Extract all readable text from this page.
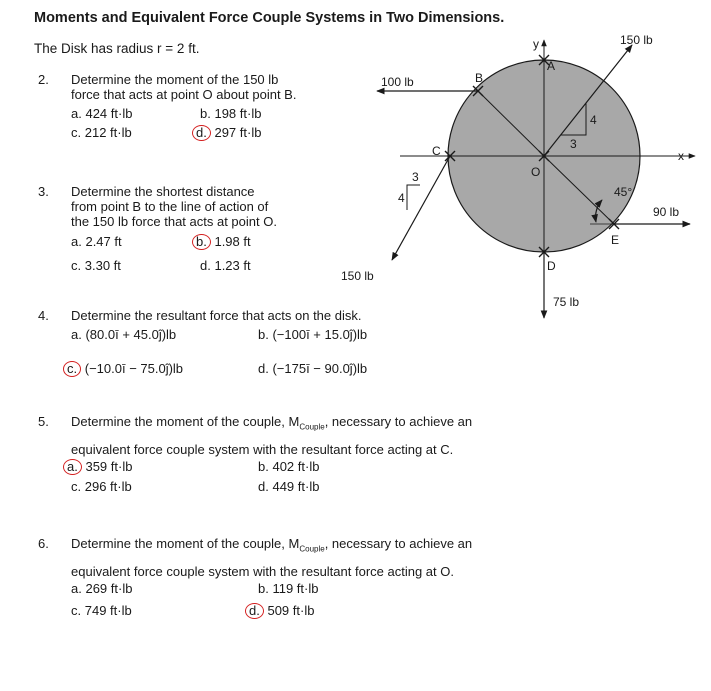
Moments and Equivalent Force Couple Systems in Two Dimensions.
The Disk has radius r = 2 ft.
150 lb
100 lb
90 lb
150 lb
75 lb
A
B
C
D
E
O
x
y
45°
4
3
3
4
2. Determine the moment of the 150 lb
force that acts at point O about point B.
a. 424 ft·lb	b. 198 ft·lb
c. 212 ft·lb	d. 297 ft·lb
3. Determine the shortest distance
from point B to the line of action of
the 150 lb force that acts at point O.
a. 2.47 ft	b. 1.98 ft
c. 3.30 ft	d. 1.23 ft
4. Determine the resultant force that acts on the disk.
a. (80.0ī + 45.0ĵ)lb	b. (−100ī + 15.0ĵ)lb
c. (−10.0ī − 75.0ĵ)lb	d. (−175ī − 90.0ĵ)lb
5. Determine the moment of the couple, $M_{Couple}$, necessary to achieve an
equivalent force couple system with the resultant force acting at C.
a. 359 ft·lb	b. 402 ft·lb
c. 296 ft·lb	d. 449 ft·lb
6. Determine the moment of the couple, $M_{Couple}$, necessary to achieve an
equivalent force couple system with the resultant force acting at O.
a. 269 ft·lb	b. 119 ft·lb
c. 749 ft·lb	d. 509 ft·lb
